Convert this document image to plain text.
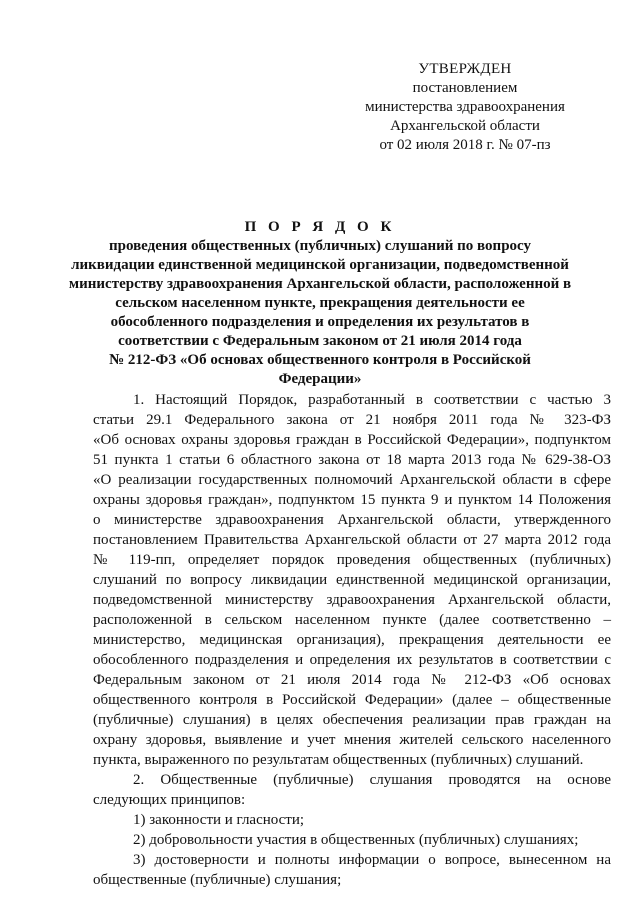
УТВЕРЖДЕН
постановлением
министерства здравоохранения
Архангельской области
от 02 июля 2018 г. № 07-пз
П О Р Я Д О К
проведения общественных (публичных) слушаний по вопросу
ликвидации единственной медицинской организации, подведомственной
министерству здравоохранения Архангельской области, расположенной в
сельском населенном пункте, прекращения деятельности ее
обособленного подразделения и определения их результатов в
соответствии с Федеральным законом от 21 июля 2014 года
№ 212-ФЗ «Об основах общественного контроля в Российской
Федерации»
1. Настоящий Порядок, разработанный в соответствии с частью 3
статьи 29.1 Федерального закона от 21 ноября 2011 года № 323-ФЗ
«Об основах охраны здоровья граждан в Российской Федерации», подпунктом
51 пункта 1 статьи 6 областного закона от 18 марта 2013 года № 629-38-ОЗ
«О реализации государственных полномочий Архангельской области в сфере
охраны здоровья граждан», подпунктом 15 пункта 9 и пунктом 14 Положения
о министерстве здравоохранения Архангельской области, утвержденного
постановлением Правительства Архангельской области от 27 марта 2012 года
№ 119-пп, определяет порядок проведения общественных (публичных)
слушаний по вопросу ликвидации единственной медицинской организации,
подведомственной министерству здравоохранения Архангельской области,
расположенной в сельском населенном пункте (далее соответственно –
министерство, медицинская организация), прекращения деятельности ее
обособленного подразделения и определения их результатов в соответствии с
Федеральным законом от 21 июля 2014 года № 212-ФЗ «Об основах
общественного контроля в Российской Федерации» (далее – общественные
(публичные) слушания) в целях обеспечения реализации прав граждан на
охрану здоровья, выявление и учет мнения жителей сельского населенного
пункта, выраженного по результатам общественных (публичных) слушаний.
2. Общественные (публичные) слушания проводятся на основе
следующих принципов:
1) законности и гласности;
2) добровольности участия в общественных (публичных) слушаниях;
3) достоверности и полноты информации о вопросе, вынесенном на
общественные (публичные) слушания;
